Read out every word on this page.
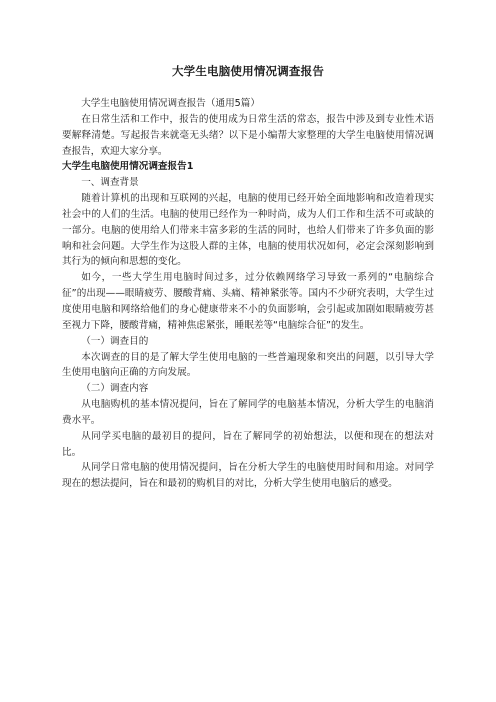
大学生电脑使用情况调查报告

大学生电脑使用情况调查报告（通用5篇）

在日常生活和工作中，报告的使用成为日常生活的常态，报告中涉及到专业性术语要解释清楚。写起报告来就毫无头绪？以下是小编帮大家整理的大学生电脑使用情况调查报告，欢迎大家分享。

大学生电脑使用情况调查报告1

一、调查背景

随着计算机的出现和互联网的兴起，电脑的使用已经开始全面地影响和改造着现实社会中的人们的生活。电脑的使用已经作为一种时尚，成为人们工作和生活不可或缺的一部分。电脑的使用给人们带来丰富多彩的生活的同时，也给人们带来了许多负面的影响和社会问题。大学生作为这股人群的主体，电脑的使用状况如何，必定会深刻影响到其行为的倾向和思想的变化。

如今，一些大学生用电脑时间过多，过分依赖网络学习导致一系列的“电脑综合征”的出现——眼睛疲劳、腰酸背痛、头痛、精神紧张等。国内不少研究表明，大学生过度使用电脑和网络给他们的身心健康带来不小的负面影响，会引起或加剧如眼睛疲劳甚至视力下降，腰酸背痛，精神焦虑紧张，睡眠差等“电脑综合征”的发生。

（一）调查目的

本次调查的目的是了解大学生使用电脑的一些普遍现象和突出的问题，以引导大学生使用电脑向正确的方向发展。

（二）调查内容

从电脑购机的基本情况提问，旨在了解同学的电脑基本情况，分析大学生的电脑消费水平。

从同学买电脑的最初目的提问，旨在了解同学的初始想法，以便和现在的想法对比。

从同学日常电脑的使用情况提问，旨在分析大学生的电脑使用时间和用途。对同学现在的想法提问，旨在和最初的购机目的对比，分析大学生使用电脑后的感受。
